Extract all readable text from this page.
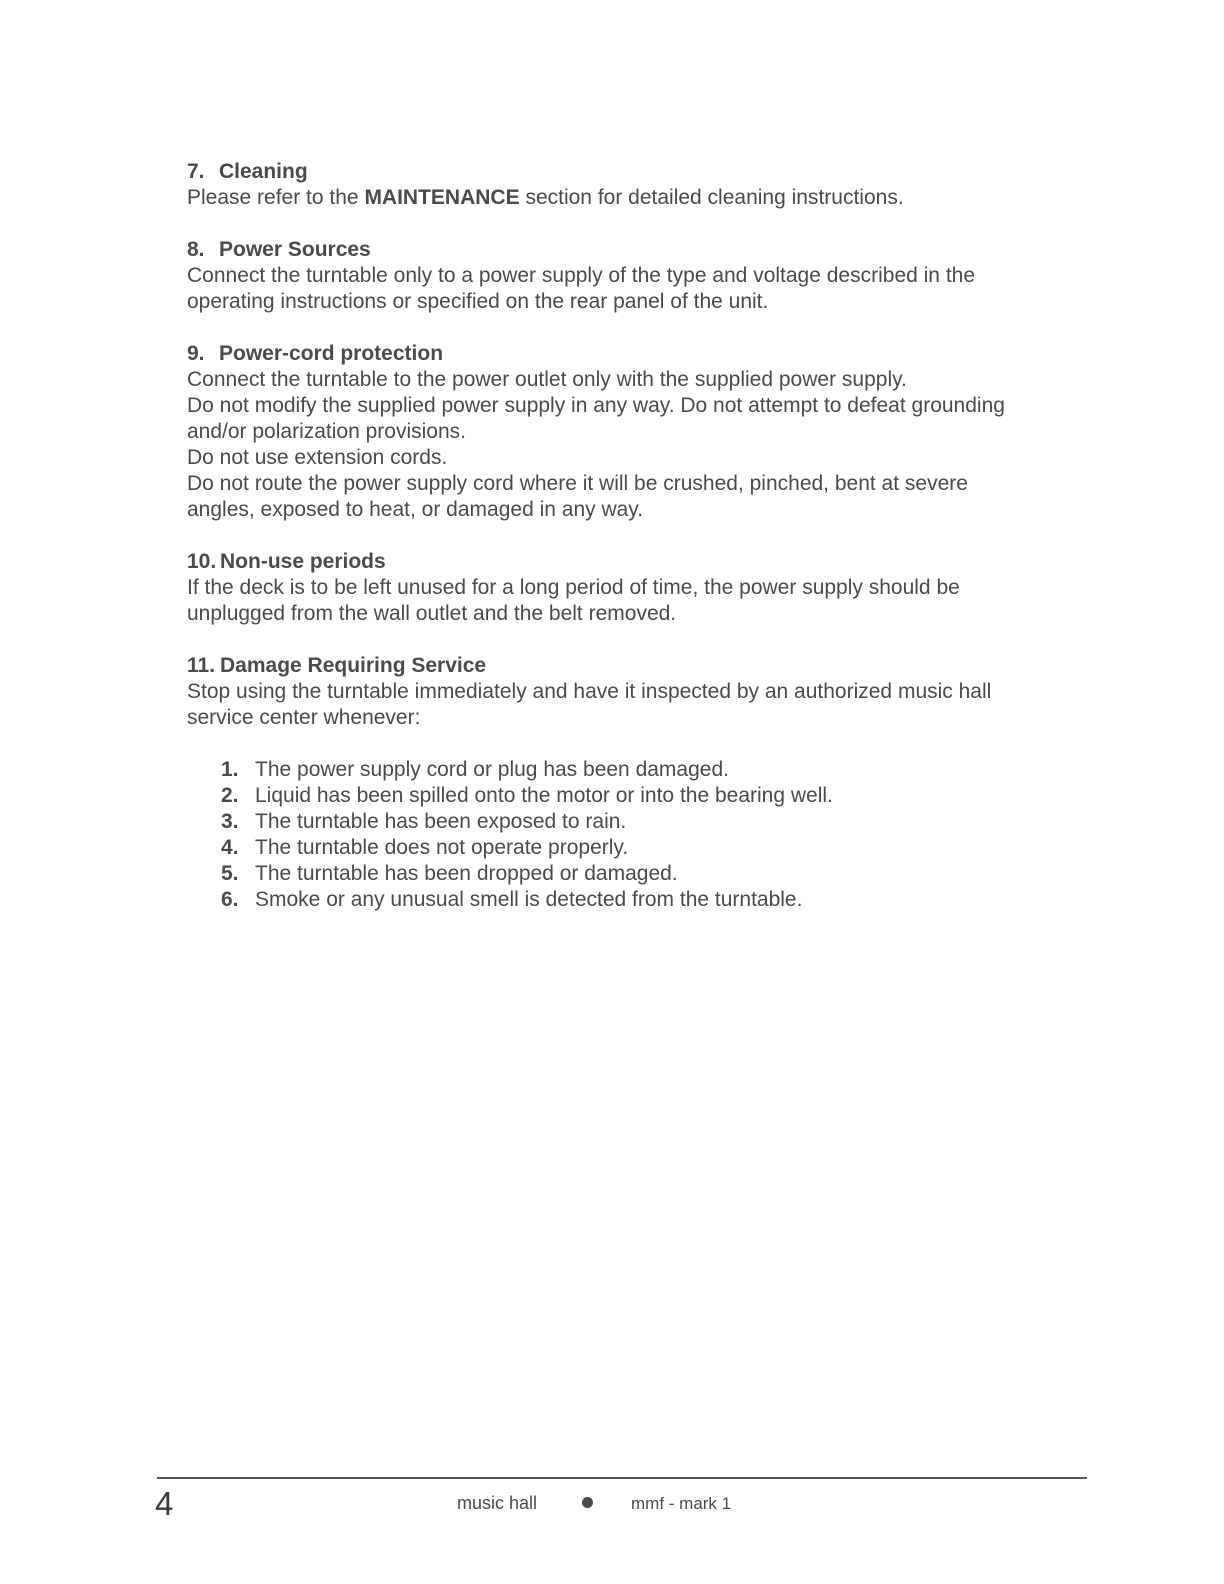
7. Cleaning

Please refer to the MAINTENANCE section for detailed cleaning instructions.

8. Power Sources

Connect the turntable only to a power supply of the type and voltage described in the operating instructions or specified on the rear panel of the unit.

9. Power-cord protection

Connect the turntable to the power outlet only with the supplied power supply.

Do not modify the supplied power supply in any way. Do not attempt to defeat grounding and/or polarization provisions.

Do not use extension cords.

Do not route the power supply cord where it will be crushed, pinched, bent at severe angles, exposed to heat, or damaged in any way.

10. Non-use periods

If the deck is to be left unused for a long period of time, the power supply should be unplugged from the wall outlet and the belt removed.

11. Damage Requiring Service

Stop using the turntable immediately and have it inspected by an authorized music hall service center whenever:

1. The power supply cord or plug has been damaged.
2. Liquid has been spilled onto the motor or into the bearing well.
3. The turntable has been exposed to rain.
4. The turntable does not operate properly.
5. The turntable has been dropped or damaged.
6. Smoke or any unusual smell is detected from the turntable.
4	music hall	mmf - mark 1
